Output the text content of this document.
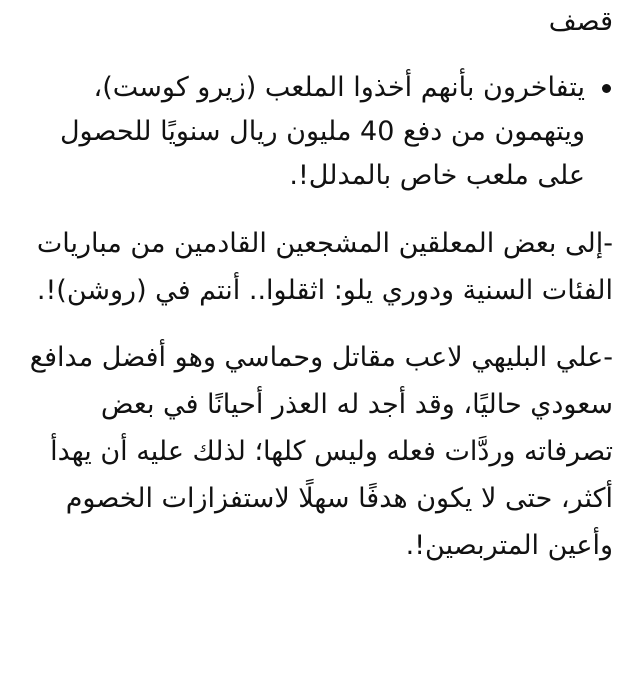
قصف
يتفاخرون بأنهم أخذوا الملعب (زيرو كوست)، ويتهمون من دفع 40 مليون ريال سنويًا للحصول على ملعب خاص بالمدلل!.

-إلى بعض المعلقين المشجعين القادمين من مباريات الفئات السنية ودوري يلو: اثقلوا.. أنتم في (روشن)!.

-علي البليهي لاعب مقاتل وحماسي وهو أفضل مدافع سعودي حاليًا، وقد أجد له العذر أحيانًا في بعض تصرفاته وردَّات فعله وليس كلها؛ لذلك عليه أن يهدأ أكثر، حتى لا يكون هدفًا سهلًا لاستفزازات الخصوم وأعين المتربصين!.
